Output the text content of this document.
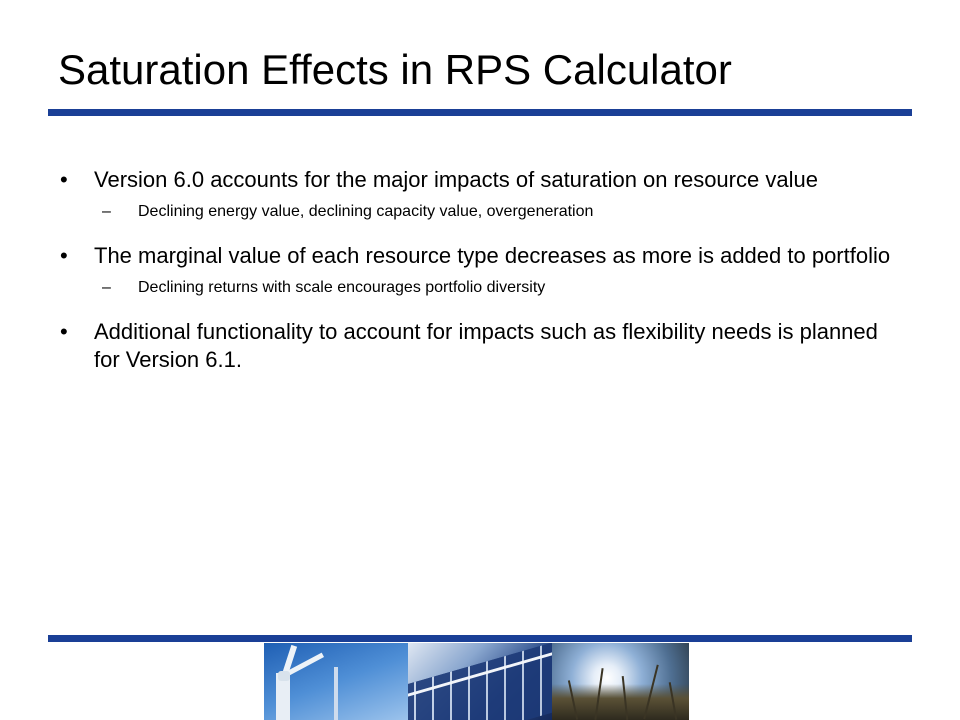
Saturation Effects in RPS Calculator
• Version 6.0 accounts for the major impacts of saturation on resource value
– Declining energy value, declining capacity value, overgeneration
• The marginal value of each resource type decreases as more is added to portfolio
– Declining returns with scale encourages portfolio diversity
• Additional functionality to account for impacts such as flexibility needs is planned for Version 6.1.
